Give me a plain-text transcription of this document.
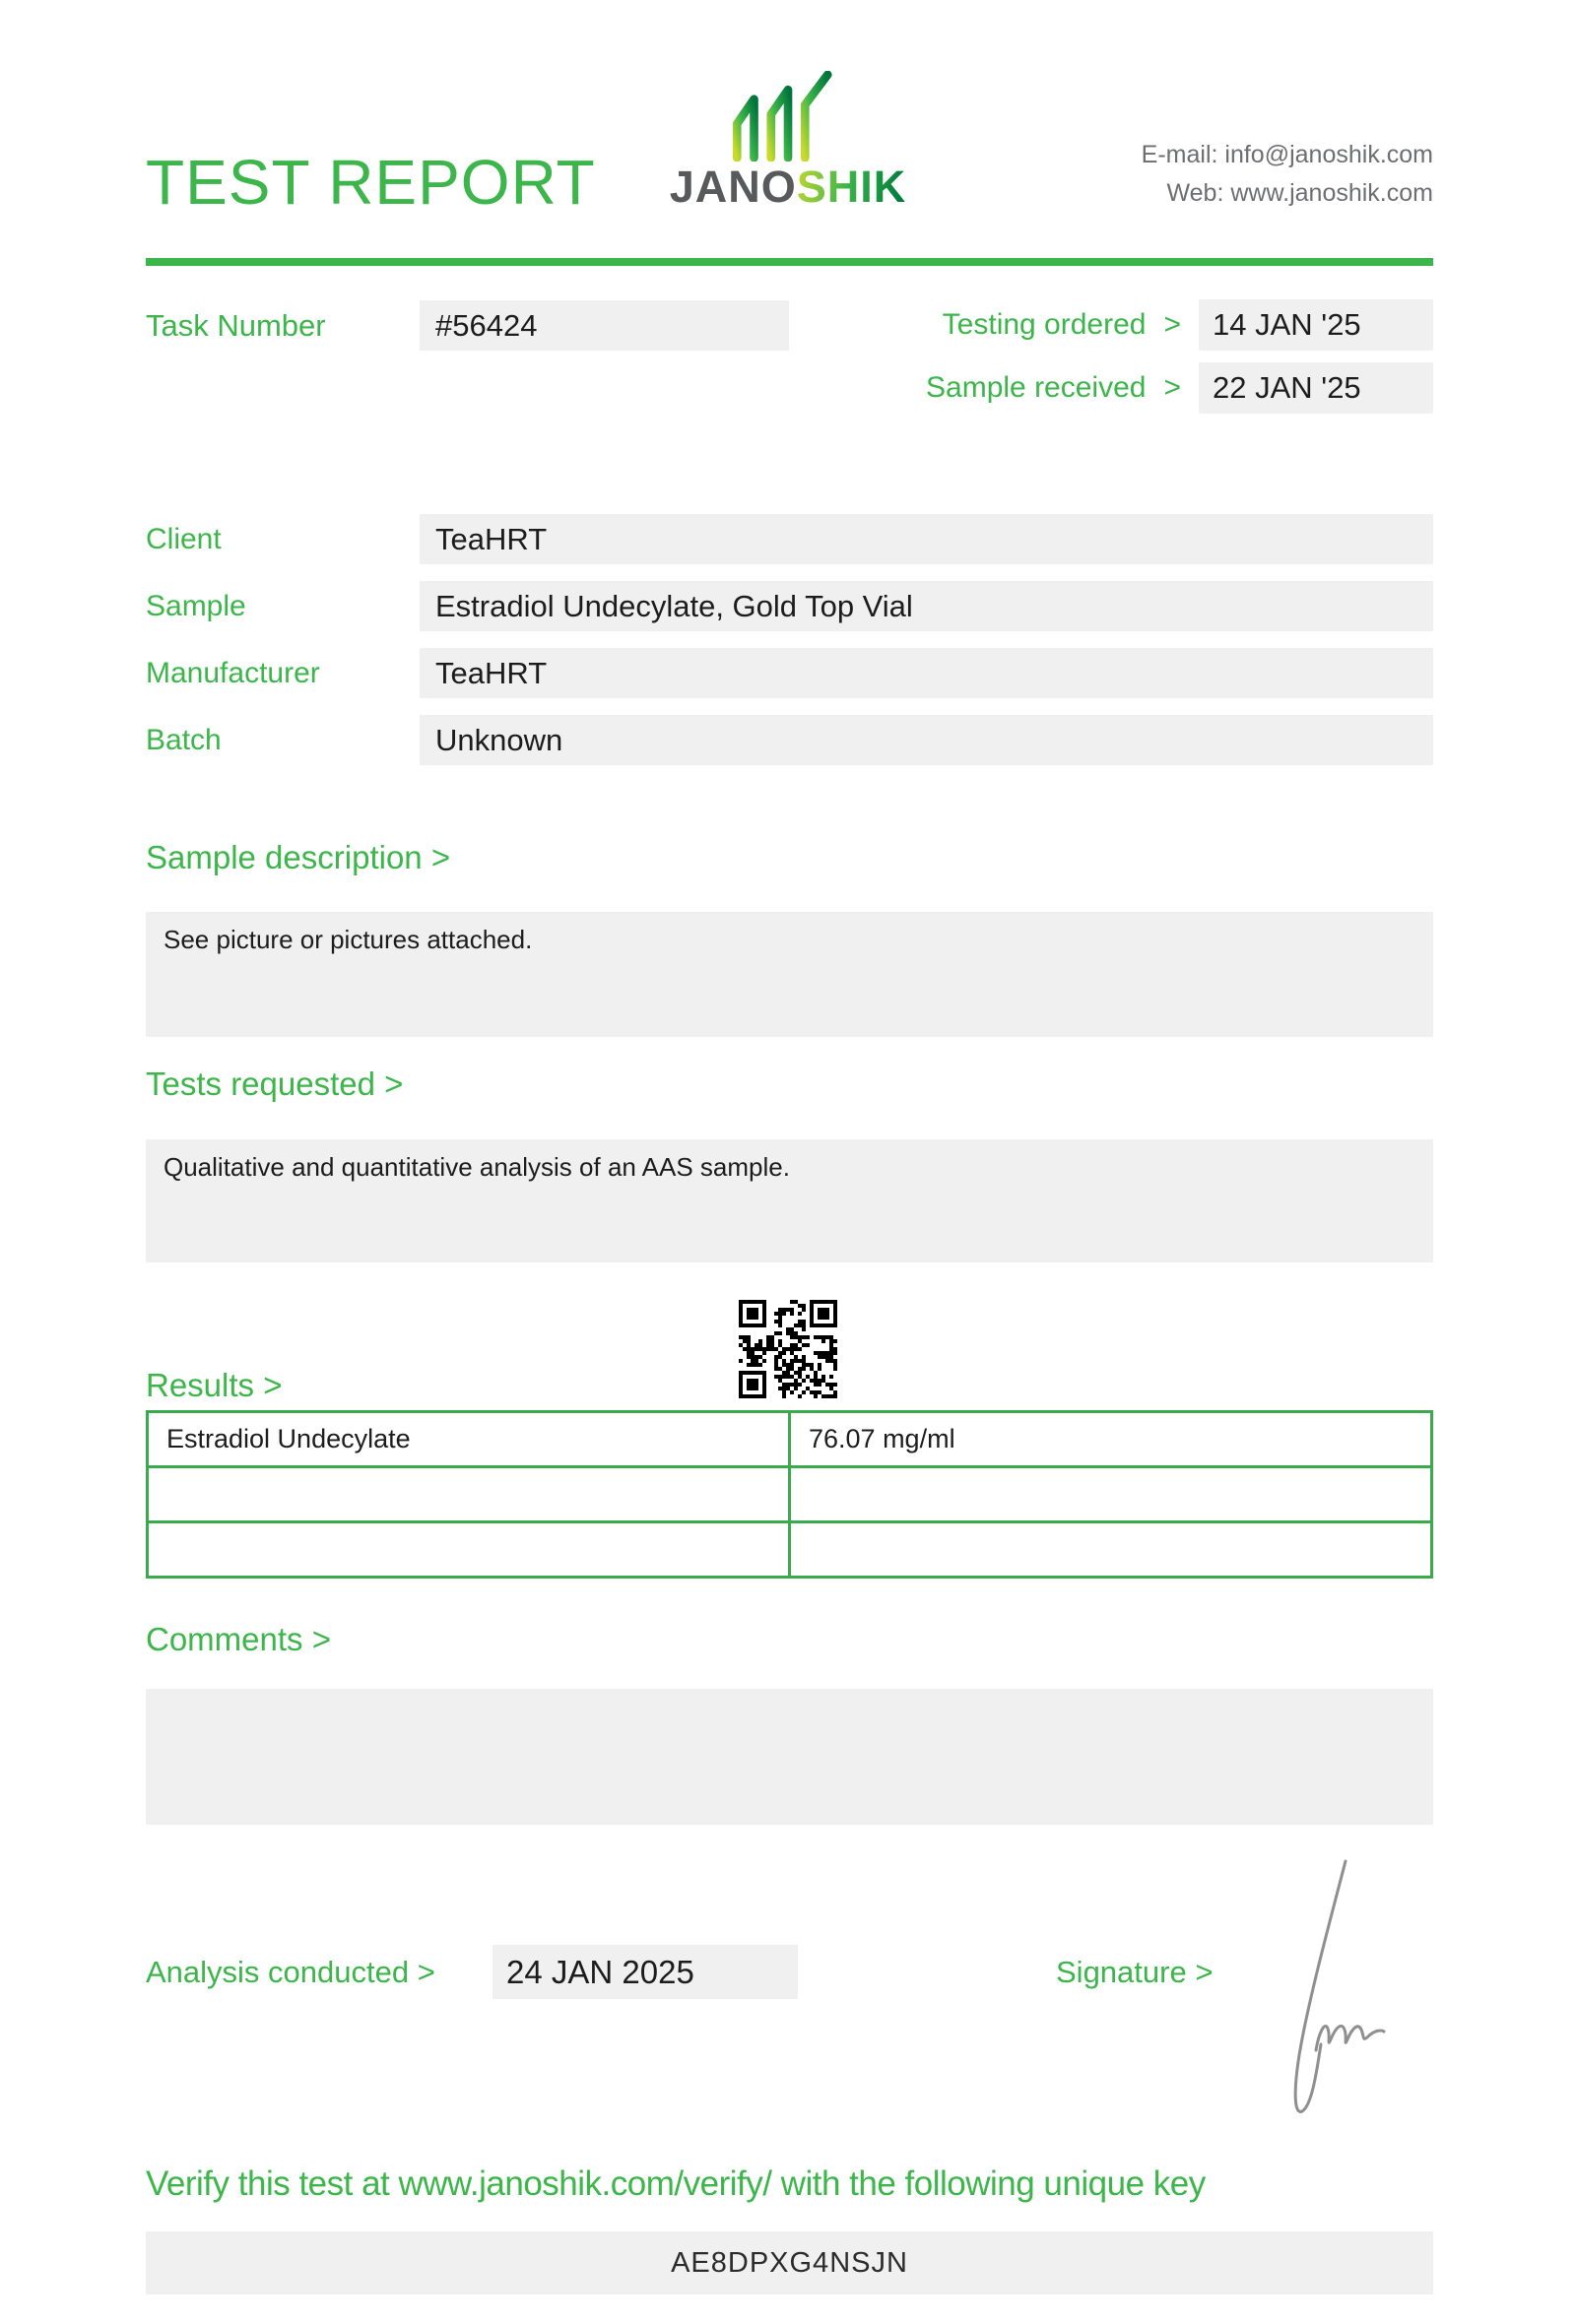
TEST REPORT	JANOSHIK
E-mail: info@janoshik.com
Web: www.janoshik.com
Task Number	#56424	Testing ordered >	14 JAN '25
Sample received >	22 JAN '25
Client	TeaHRT
Sample	Estradiol Undecylate, Gold Top Vial
Manufacturer	TeaHRT
Batch	Unknown
Sample description >
See picture or pictures attached.
Tests requested >
Qualitative and quantitative analysis of an AAS sample.
Results >
Estradiol Undecylate	76.07 mg/ml

Comments >
Analysis conducted >	24 JAN 2025	Signature >
Verify this test at www.janoshik.com/verify/ with the following unique key
AE8DPXG4NSJN
